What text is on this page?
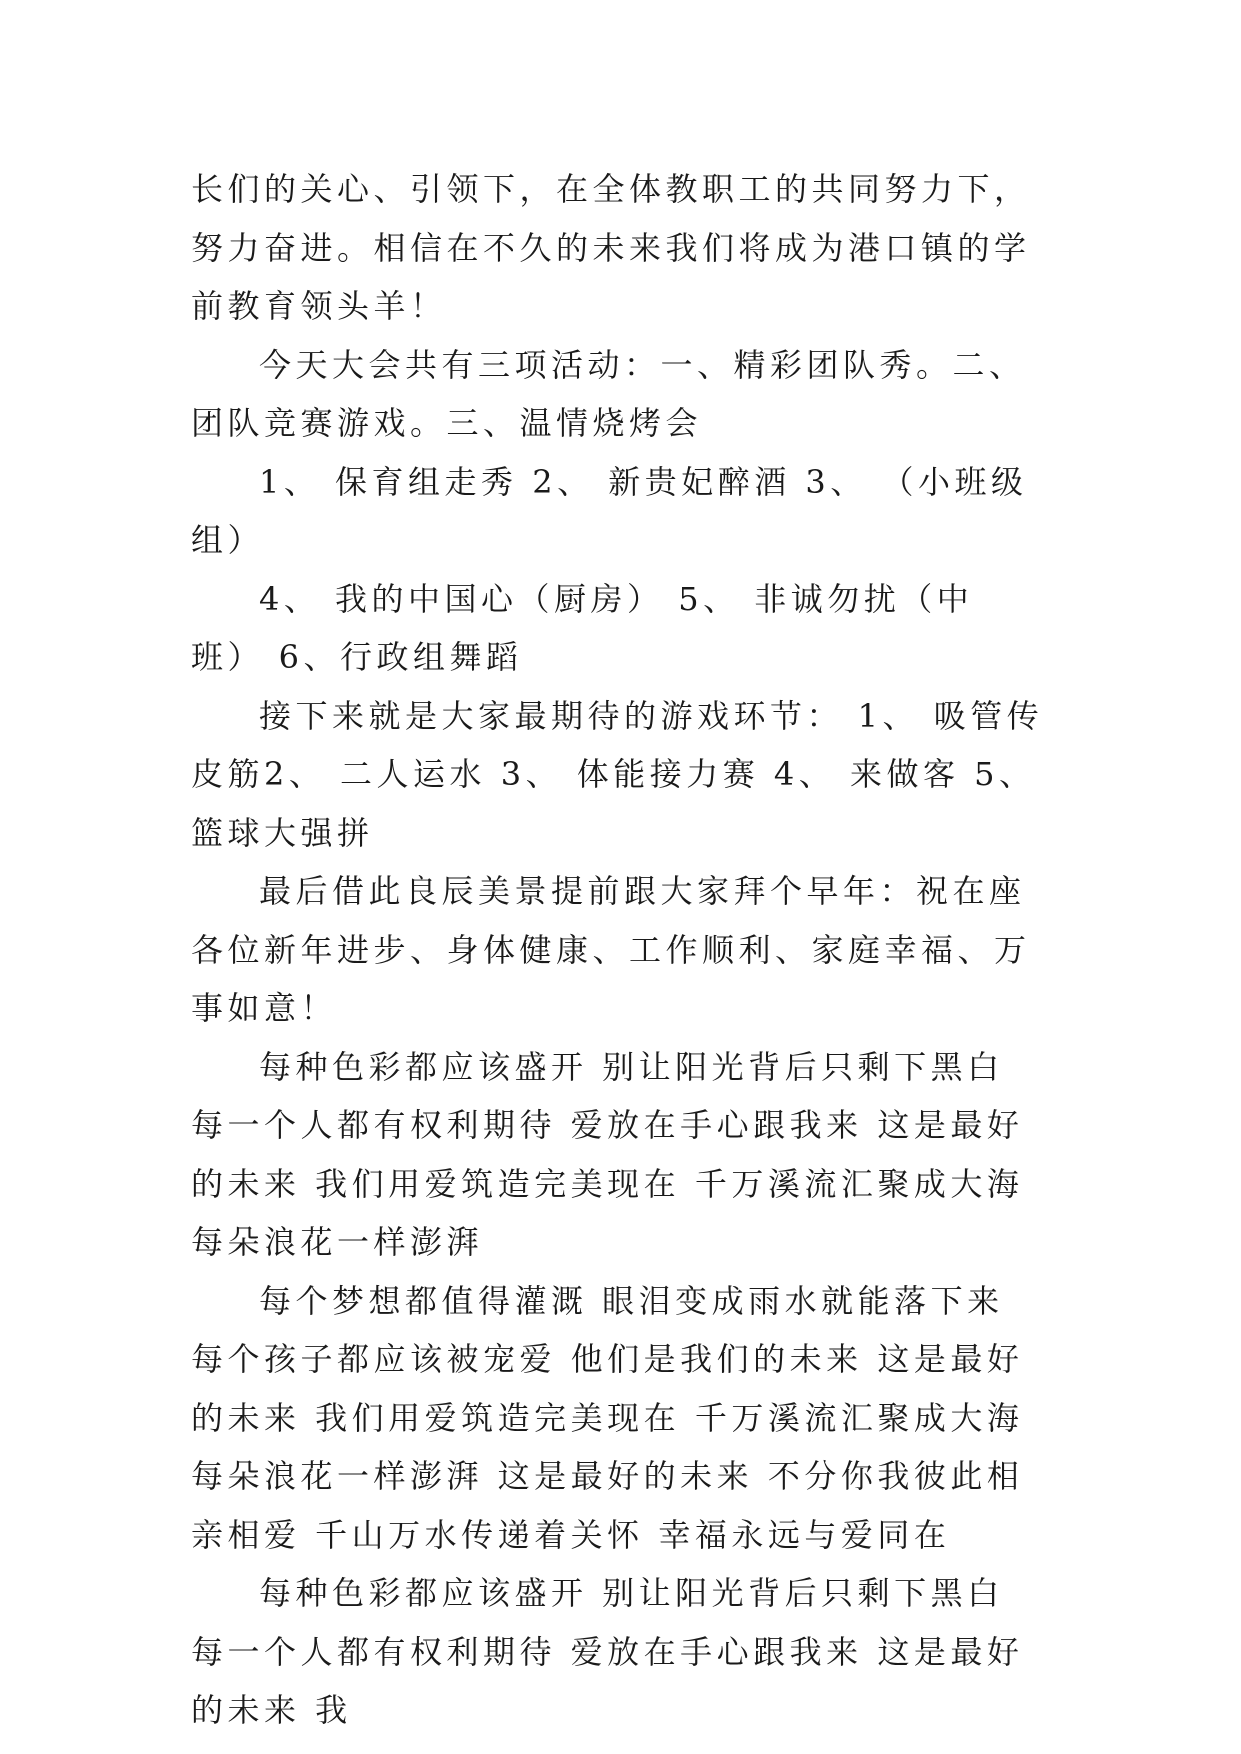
长们的关心、引领下，在全体教职工的共同努力下，努力奋进。相信在不久的未来我们将成为港口镇的学前教育领头羊！

今天大会共有三项活动：一、精彩团队秀。二、团队竞赛游戏。三、温情烧烤会

1、 保育组走秀 2、 新贵妃醉酒 3、 （小班级组）

4、 我的中国心（厨房） 5、 非诚勿扰（中班） 6、行政组舞蹈

接下来就是大家最期待的游戏环节： 1、 吸管传皮筋2、 二人运水 3、 体能接力赛 4、 来做客 5、 篮球大强拼

最后借此良辰美景提前跟大家拜个早年：祝在座各位新年进步、身体健康、工作顺利、家庭幸福、万事如意！

每种色彩都应该盛开 别让阳光背后只剩下黑白 每一个人都有权利期待 爱放在手心跟我来 这是最好的未来 我们用爱筑造完美现在 千万溪流汇聚成大海 每朵浪花一样澎湃

每个梦想都值得灌溉 眼泪变成雨水就能落下来 每个孩子都应该被宠爱 他们是我们的未来 这是最好的未来 我们用爱筑造完美现在 千万溪流汇聚成大海 每朵浪花一样澎湃 这是最好的未来 不分你我彼此相亲相爱 千山万水传递着关怀 幸福永远与爱同在

每种色彩都应该盛开 别让阳光背后只剩下黑白 每一个人都有权利期待 爱放在手心跟我来 这是最好的未来 我
